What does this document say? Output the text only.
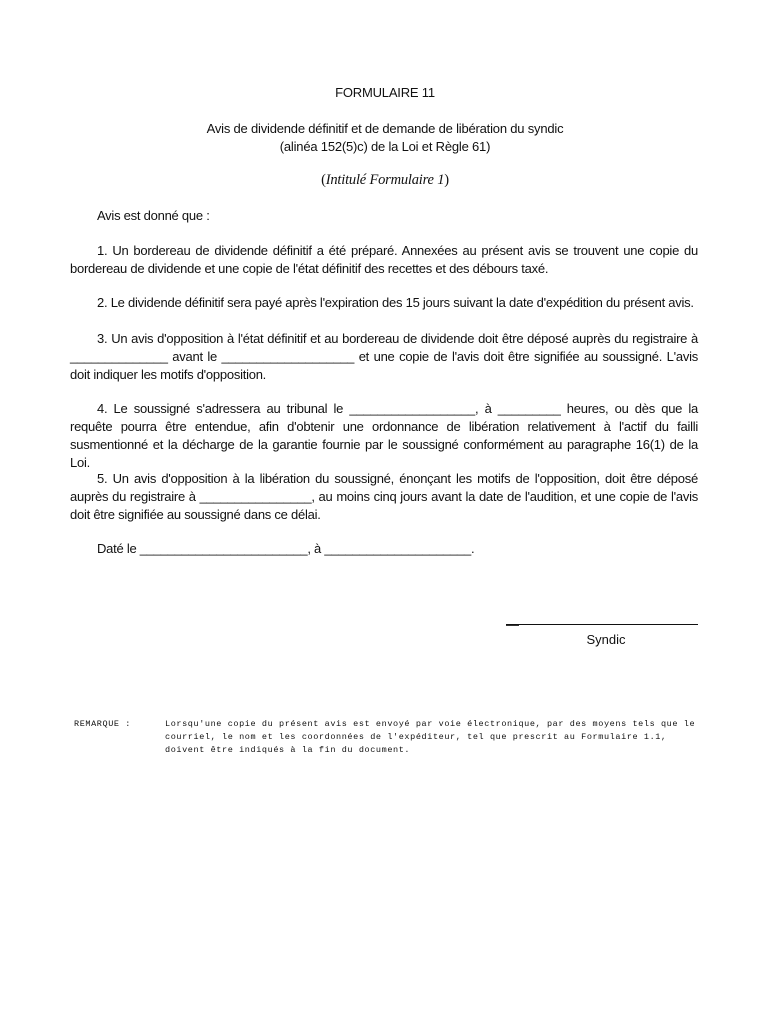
FORMULAIRE 11
Avis de dividende définitif et de demande de libération du syndic
(alinéa 152(5)c) de la Loi et Règle 61)
(Intitulé Formulaire 1)

Avis est donné que :

1. Un bordereau de dividende définitif a été préparé. Annexées au présent avis se trouvent une copie du bordereau de dividende et une copie de l'état définitif des recettes et des débours taxé.

2. Le dividende définitif sera payé après l'expiration des 15 jours suivant la date d'expédition du présent avis.

3. Un avis d'opposition à l'état définitif et au bordereau de dividende doit être déposé auprès du registraire à ______________ avant le ___________________ et une copie de l'avis doit être signifiée au soussigné. L'avis doit indiquer les motifs d'opposition.

4. Le soussigné s'adressera au tribunal le __________________, à _________ heures, ou dès que la requête pourra être entendue, afin d'obtenir une ordonnance de libération relativement à l'actif du failli susmentionné et la décharge de la garantie fournie par le soussigné conformément au paragraphe 16(1) de la Loi.

5. Un avis d'opposition à la libération du soussigné, énonçant les motifs de l'opposition, doit être déposé auprès du registraire à ________________, au moins cinq jours avant la date de l'audition, et une copie de l'avis doit être signifiée au soussigné dans ce délai.

Daté le ________________________, à _____________________.

—
Syndic
REMARQUE :	Lorsqu'une copie du présent avis est envoyé par voie électronique, par des moyens tels que le courriel, le nom et les coordonnées de l'expéditeur, tel que prescrit au Formulaire 1.1, doivent être indiqués à la fin du document.
